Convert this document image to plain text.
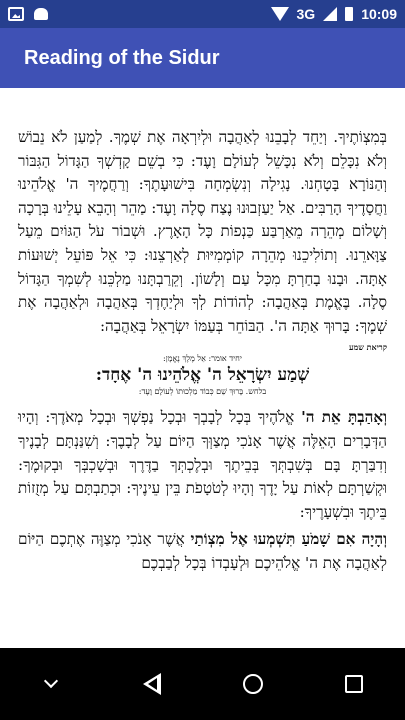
3G	10:09
Reading of the Sidur

בְּמִצְוֹתֶיךָ. וְיַחֵד לְבָבֵנוּ לְאַהֲבָה וּלְיִרְאָה אֶת שְׁמֶךָ. לְמַעַן לֹא נֵבוֹשׁ וְלֹא נִכָּלֵם וְלֹא נִכָּשֵׁל לְעוֹלָם וָעֶד: כִּי בְשֵׁם קָדְשְׁךָ הַגָּדוֹל הַגִּבּוֹר וְהַנּוֹרָא בָּטָחְנוּ. נָגִילָה וְנִשְׂמְחָה בִּישׁוּעָתֶךָ: וְרַחֲמֶיךָ ה' אֱלֹהֵינוּ וַחֲסָדֶיךָ הָרַבִּים. אַל יַעַזְבוּנוּ נֶצַח סֶלָה וָעֶד: מַהֵר וְהָבֵא עָלֵינוּ בְּרָכָה וְשָׁלוֹם מְהֵרָה מֵאַרְבַּע כַּנְפוֹת כָּל הָאָרֶץ. וּשְׁבוֹר עֹל הַגּוֹיִם מֵעַל צַוָּארֵנוּ. וְתוֹלִיכֵנוּ מְהֵרָה קוֹמְמִיּוּת לְאַרְצֵנוּ: כִּי אֵל פּוֹעֵל יְשׁוּעוֹת אָתָּה. וּבָנוּ בָחַרְתָּ מִכָּל עַם וְלָשׁוֹן. וְקֵרַבְתָּנוּ מַלְכֵּנוּ לְשִׁמְךָ הַגָּדוֹל סֶלָה. בֶּאֱמֶת בְּאַהֲבָה: לְהוֹדוֹת לְךָ וּלְיַחֶדְךָ בְּאַהֲבָה וּלְאַהֲבָה אֶת שְׁמֶךָ: בָּרוּךְ אַתָּה ה'. הַבּוֹחֵר בְּעַמּוֹ יִשְׂרָאֵל בְּאַהֲבָה:

קריאת שמע
יחיד אומר: אֵל מֶלֶךְ נֶאֱמָן:
שְׁמַע יִשְׂרָאֵל ה' אֱלֹהֵינוּ ה' אֶחָד:
בלחש. בָּרוּךְ שֵׁם כְּבוֹד מַלְכוּתוֹ לְעוֹלָם וָעֶד:

וְאָהַבְתָּ אֵת ה' אֱלֹהֶיךָ בְּכָל לְבָבְךָ וּבְכָל נַפְשְׁךָ וּבְכָל מְאֹדֶךָ: וְהָיוּ הַדְּבָרִים הָאֵלֶּה אֲשֶׁר אָנֹכִי מְצַוְּךָ הַיּוֹם עַל לְבָבֶךָ: וְשִׁנַּנְתָּם לְבָנֶיךָ וְדִבַּרְתָּ בָּם בְּשִׁבְתְּךָ בְּבֵיתֶךָ וּבְלֶכְתְּךָ בַדֶּרֶךְ וּבְשָׁכְבְּךָ וּבְקוּמֶךָ: וּקְשַׁרְתָּם לְאוֹת עַל יָדֶךָ וְהָיוּ לְטֹטָפֹת בֵּין עֵינֶיךָ: וּכְתַבְתָּם עַל מְזֻזוֹת בֵּיתֶךָ וּבִשְׁעָרֶיךָ:

וְהָיָה אִם שָׁמֹעַ תִּשְׁמְעוּ אֶל מִצְוֹתַי אֲשֶׁר אָנֹכִי מְצַוֶּה אֶתְכֶם הַיּוֹם לְאַהֲבָה אֶת ה' אֱלֹהֵיכֶם וּלְעָבְדוֹ בְּכָל לְבַבְכֶם
